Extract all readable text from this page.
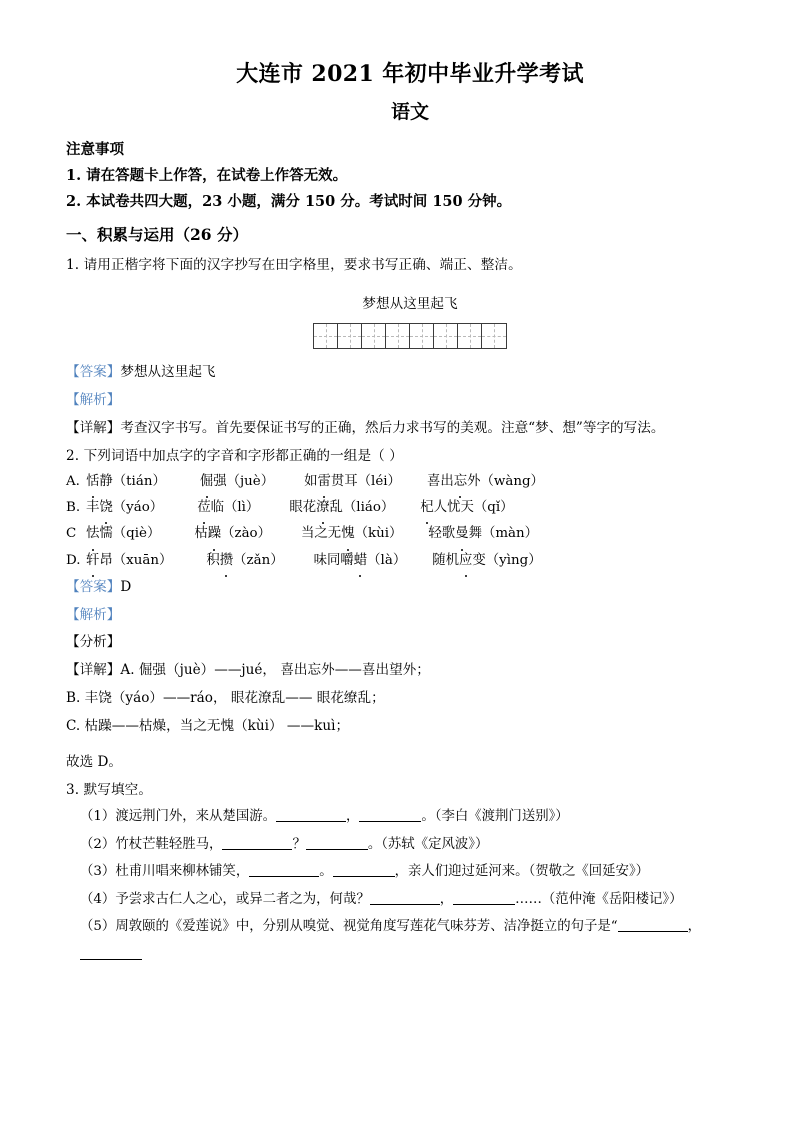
大连市 2021 年初中毕业升学考试
语文
注意事项
1. 请在答题卡上作答，在试卷上作答无效。
2. 本试卷共四大题，23 小题，满分 150 分。考试时间 150 分钟。
一、积累与运用（26 分）
1. 请用正楷字将下面的汉字抄写在田字格里，要求书写正确、端正、整洁。
梦想从这里起飞
【答案】梦想从这里起飞
【解析】
【详解】考查汉字书写。首先要保证书写的正确，然后力求书写的美观。注意“梦、想”等字的写法。
2. 下列词语中加点字的字音和字形都正确的一组是（ ）
A. 恬静（tián）	倔强（juè） 如雷贯耳（léi） 喜出忘外（wàng）
B. 丰饶（yáo）	莅临（lì） 眼花潦乱（liáo） 杞人忧天（qǐ）
C 怯懦（qiè）	枯躁（zào） 当之无愧（kùi） 轻歌曼舞（màn）
D. 轩昂（xuān）	积攒（zǎn） 味同嚼蜡（là） 随机应变（yìng）
【答案】D
【解析】
【分析】
【详解】A. 倔强（juè）——jué， 喜出忘外——喜出望外；
B. 丰饶（yáo）——ráo， 眼花潦乱—— 眼花缭乱；
C. 枯躁——枯燥，当之无愧（kùi） ——kuì；
故选 D。
3. 默写填空。
（1）渡远荆门外，来从楚国游。	，	。（李白《渡荆门送别》）
（2）竹杖芒鞋轻胜马，	？	。（苏轼《定风波》）
（3）杜甫川唱来柳林铺笑，	。	，亲人们迎过延河来。（贺敬之《回延安》）
（4）予尝求古仁人之心，或异二者之为，何哉？	，	……（范仲淹《岳阳楼记》）
（5）周敦颐的《爱莲说》中，分别从嗅觉、视觉角度写莲花气味芬芳、洁净挺立的句子是“	，
